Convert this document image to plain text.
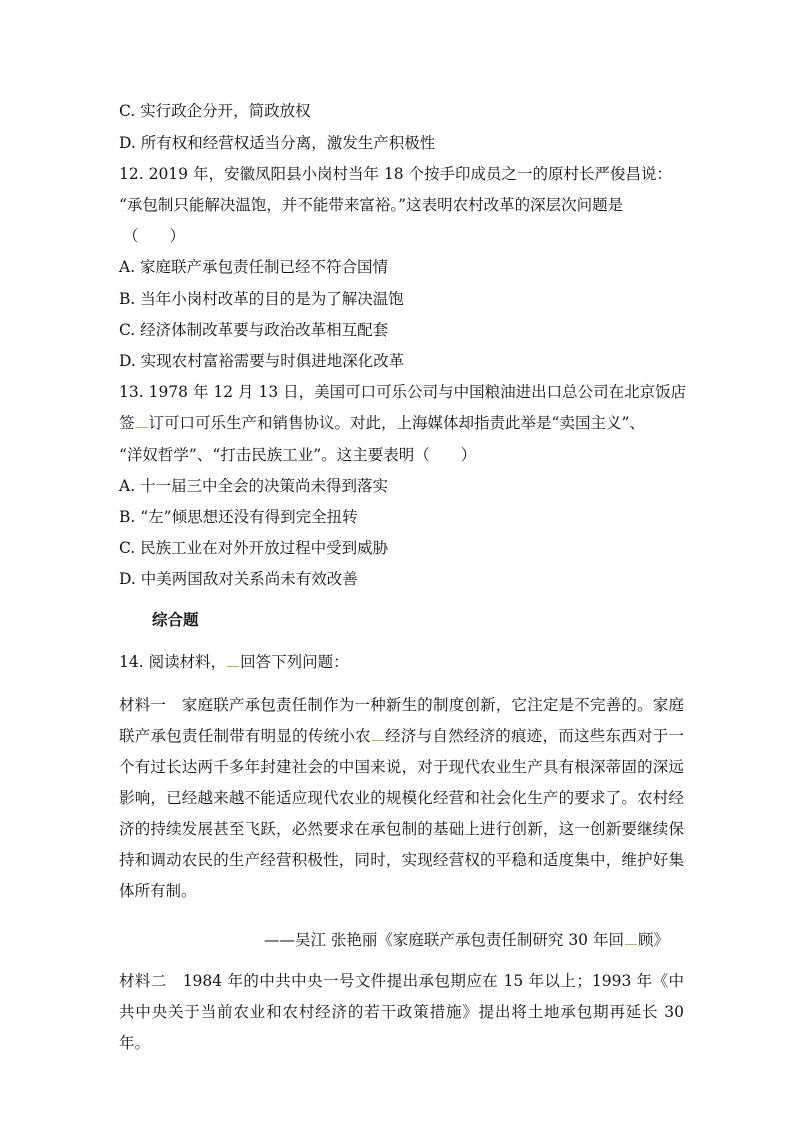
C. 实行政企分开，简政放权
D. 所有权和经营权适当分离，激发生产积极性
12. 2019 年，安徽凤阳县小岗村当年 18 个按手印成员之一的原村长严俊昌说：
“承包制只能解决温饱，并不能带来富裕。”这表明农村改革的深层次问题是
（　　）
A. 家庭联产承包责任制已经不符合国情
B. 当年小岗村改革的目的是为了解决温饱
C. 经济体制改革要与政治改革相互配套
D. 实现农村富裕需要与时俱进地深化改革
13. 1978 年 12 月 13 日，美国可口可乐公司与中国粮油进出口总公司在北京饭店
签 订可口可乐生产和销售协议。对此，上海媒体却指责此举是“卖国主义”、
“洋奴哲学”、“打击民族工业”。这主要表明（　　）
A. 十一届三中全会的决策尚未得到落实
B. “左”倾思想还没有得到完全扭转
C. 民族工业在对外开放过程中受到威胁
D. 中美两国敌对关系尚未有效改善
综合题
14. 阅读材料， 回答下列问题：
材料一　家庭联产承包责任制作为一种新生的制度创新，它注定是不完善的。家庭联产承包责任制带有明显的传统小农 经济与自然经济的痕迹，而这些东西对于一个有过长达两千多年封建社会的中国来说，对于现代农业生产具有根深蒂固的深远影响，已经越来越不能适应现代农业的规模化经营和社会化生产的要求了。农村经济的持续发展甚至飞跃，必然要求在承包制的基础上进行创新，这一创新要继续保持和调动农民的生产经营积极性，同时，实现经营权的平稳和适度集中，维护好集体所有制。
——吴江 张艳丽《家庭联产承包责任制研究 30 年回 顾》
材料二　1984 年的中共中央一号文件提出承包期应在 15 年以上；1993 年《中共中央关于当前农业和农村经济的若干政策措施》提出将土地承包期再延长 30 年。
